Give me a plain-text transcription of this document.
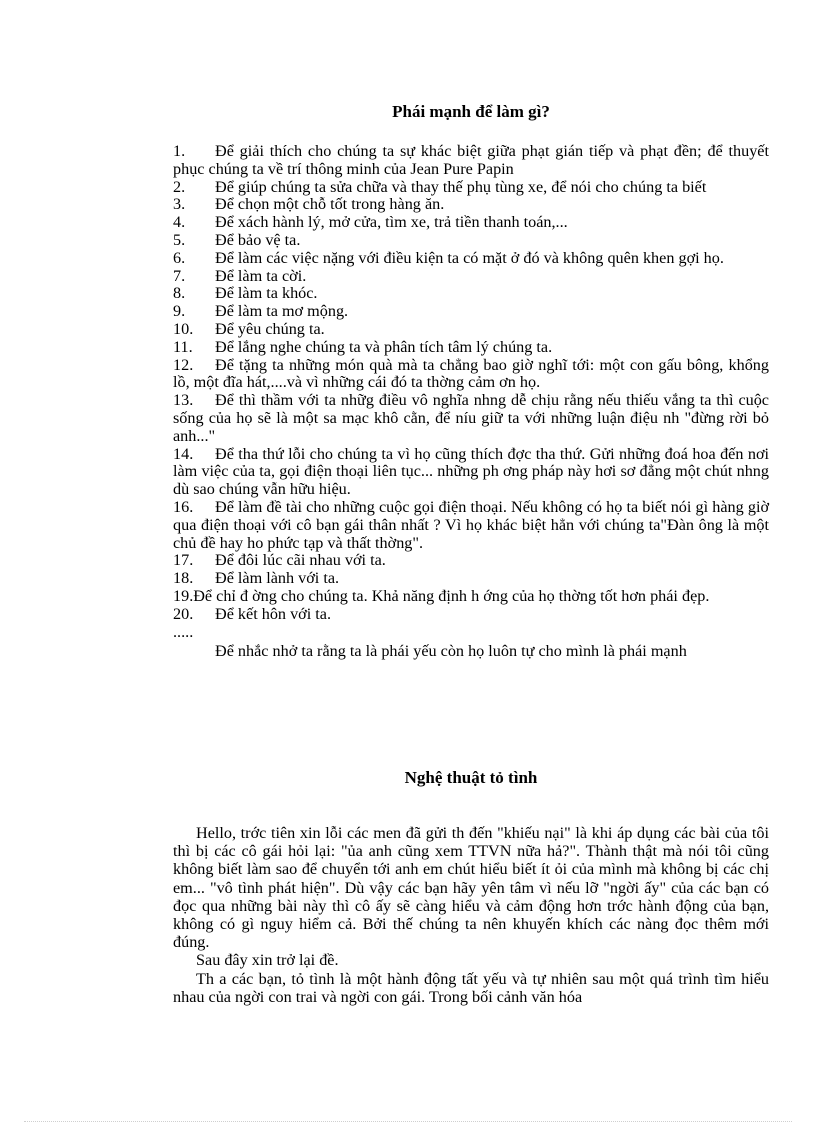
Phái mạnh để làm gì?
1. Để giải thích cho chúng ta sự khác biệt giữa phạt gián tiếp và phạt đền; để thuyết phục chúng ta về trí thông minh của Jean Pure Papin
2. Để giúp chúng ta sửa chữa và thay thế phụ tùng xe, để nói cho chúng ta biết
3. Để chọn một chỗ tốt trong hàng ăn.
4. Để xách hành lý, mở cửa, tìm xe, trả tiền thanh toán,...
5. Để bảo vệ ta.
6. Để làm các việc nặng với điều kiện ta có mặt ở đó và không quên khen gợi họ.
7. Để làm ta cời.
8. Để làm ta khóc.
9. Để làm ta mơ mộng.
10. Để yêu chúng ta.
11. Để lắng nghe chúng ta và phân tích tâm lý chúng ta.
12. Để tặng ta những món quà mà ta chẳng bao giờ nghĩ tới: một con gấu bông, khổng lồ, một đĩa hát,....và vì những cái đó ta thờng cảm ơn họ.
13. Để thì thầm với ta nhữg điều vô nghĩa nhng dễ chịu rằng nếu thiếu vắng ta thì cuộc sống của họ sẽ là một sa mạc khô cằn, để níu giữ ta với những luận điệu nh "đừng rời bỏ anh..."
14. Để tha thứ lỗi cho chúng ta vì họ cũng thích đợc tha thứ. Gửi những đoá hoa đến nơi làm việc của ta, gọi điện thoại liên tục... những ph ơng pháp này hơi sơ đẳng một chút nhng dù sao chúng vẫn hữu hiệu.
16. Để làm đề tài cho những cuộc gọi điện thoại. Nếu không có họ ta biết nói gì hàng giờ qua điện thoại với cô bạn gái thân nhất ? Vì họ khác biệt hẳn với chúng ta"Đàn ông là một chủ đề hay ho phức tạp và thất thờng".
17. Để đôi lúc cãi nhau với ta.
18. Để làm lành với ta.
19.Để chỉ đ ờng cho chúng ta. Khả năng định h ớng của họ thờng tốt hơn phái đẹp.
20. Để kết hôn với ta.
.....
Để nhắc nhở ta rằng ta là phái yếu còn họ luôn tự cho mình là phái mạnh
Nghệ thuật tỏ tình

Hello, trớc tiên xin lỗi các men đã gửi th đến "khiếu nại" là khi áp dụng các bài của tôi thì bị các cô gái hỏi lại: "ủa anh cũng xem TTVN nữa hả?". Thành thật mà nói tôi cũng không biết làm sao để chuyển tới anh em chút hiểu biết ít ỏi của mình mà không bị các chị em... "vô tình phát hiện". Dù vậy các bạn hãy yên tâm vì nếu lỡ "ngời ấy" của các bạn có đọc qua những bài này thì cô ấy sẽ càng hiểu và cảm động hơn trớc hành động của bạn, không có gì nguy hiểm cả. Bởi thế chúng ta nên khuyến khích các nàng đọc thêm mới đúng.

Sau đây xin trở lại đề.

Th a các bạn, tỏ tình là một hành động tất yếu và tự nhiên sau một quá trình tìm hiểu nhau của ngời con trai và ngời con gái. Trong bối cảnh văn hóa
